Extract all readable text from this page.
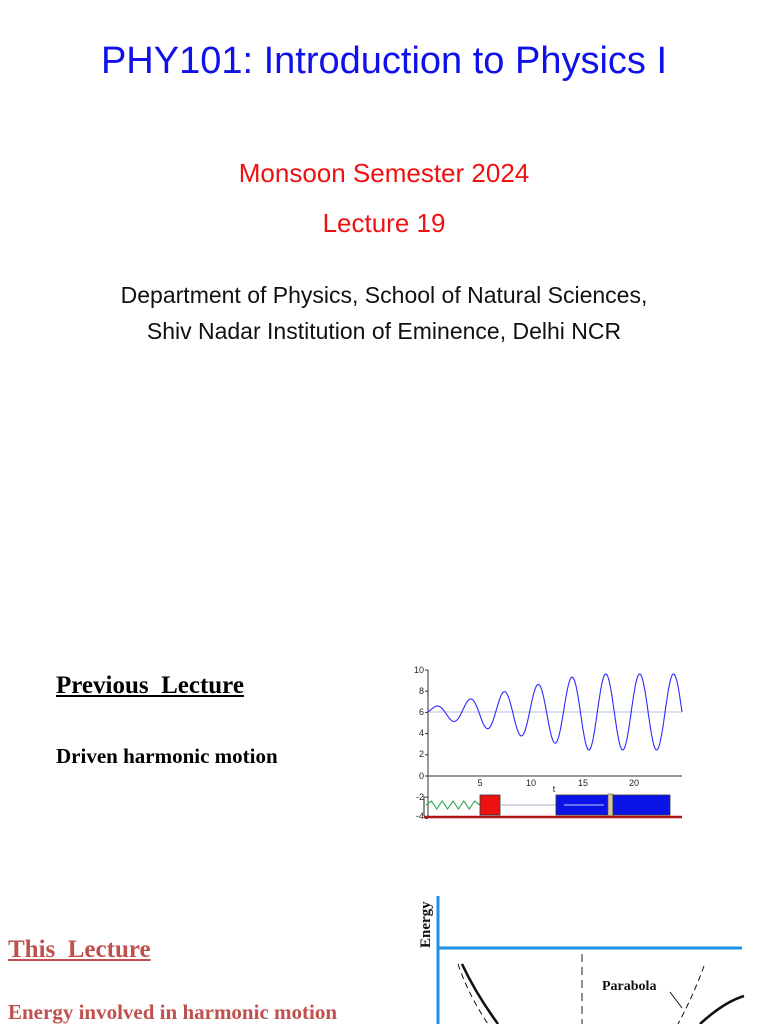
PHY101: Introduction to Physics I
Monsoon Semester 2024
Lecture 19
Department of Physics, School of Natural Sciences,
Shiv Nadar Institution of Eminence, Delhi NCR
Previous  Lecture
Driven harmonic motion
10
8
6
4
2
0
-2
-4
5	10	15	20
t
This  Lecture
Energy involved in harmonic motion
Energy
Parabola
